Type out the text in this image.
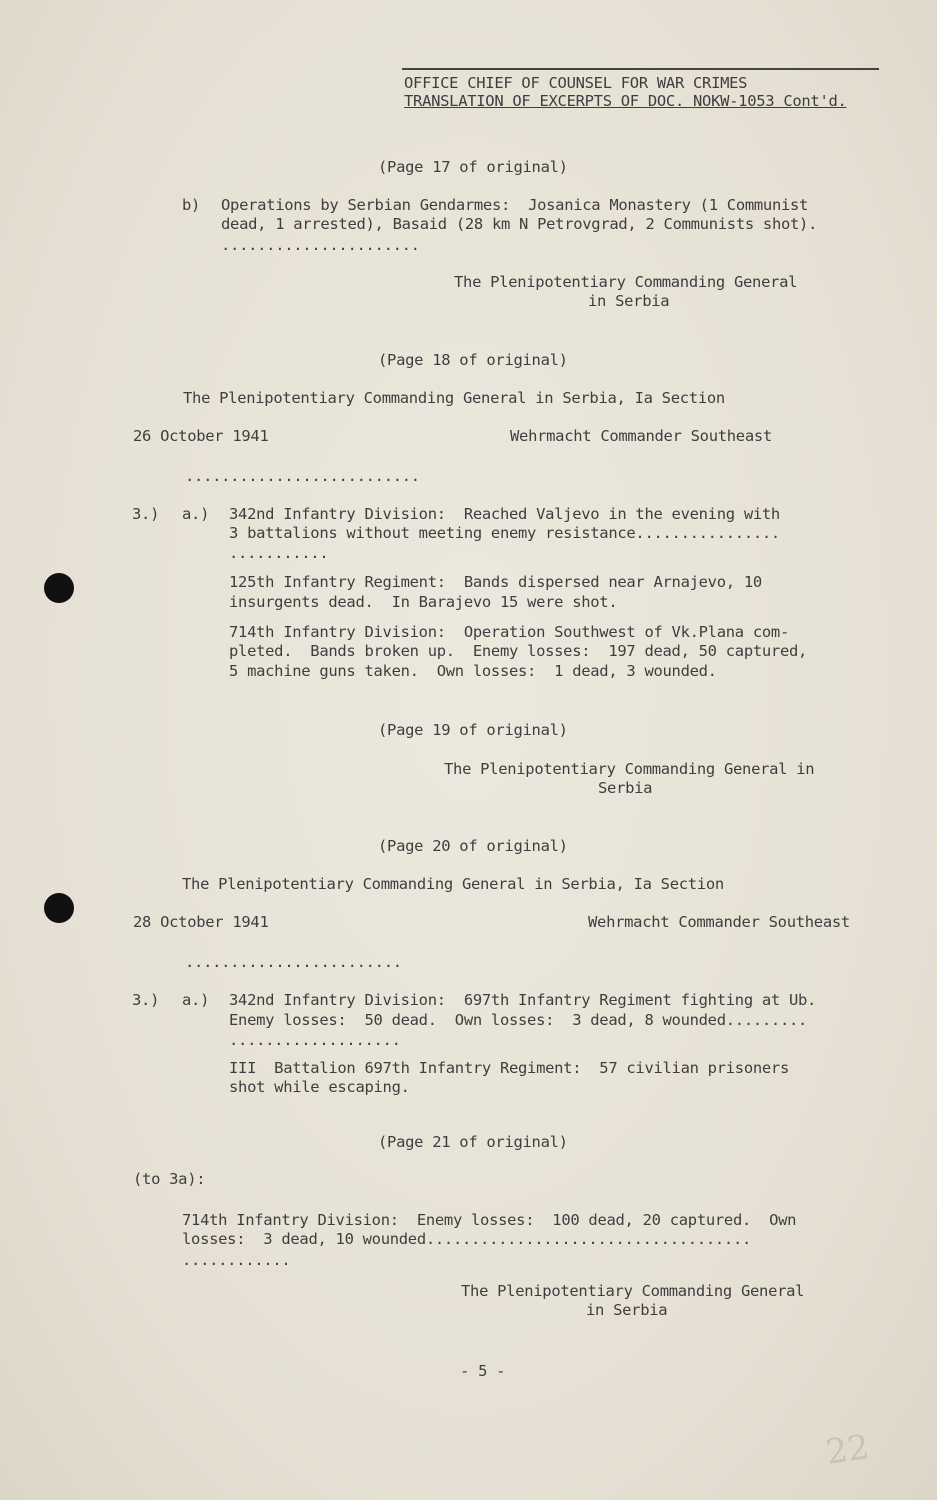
OFFICE CHIEF OF COUNSEL FOR WAR CRIMES
TRANSLATION OF EXCERPTS OF DOC. NOKW-1053 Cont'd.
(Page 17 of original)
b) Operations by Serbian Gendarmes:  Josanica Monastery (1 Communist
dead, 1 arrested), Basaid (28 km N Petrovgrad, 2 Communists shot).
......................
The Plenipotentiary Commanding General
in Serbia
(Page 18 of original)
The Plenipotentiary Commanding General in Serbia, Ia Section
26 October 1941	Wehrmacht Commander Southeast
..........................
3.) a.) 342nd Infantry Division:  Reached Valjevo in the evening with
3 battalions without meeting enemy resistance................
...........
125th Infantry Regiment:  Bands dispersed near Arnajevo, 10
insurgents dead.  In Barajevo 15 were shot.
714th Infantry Division:  Operation Southwest of Vk.Plana com-
pleted.  Bands broken up.  Enemy losses:  197 dead, 50 captured,
5 machine guns taken.  Own losses:  1 dead, 3 wounded.
(Page 19 of original)
The Plenipotentiary Commanding General in
Serbia
(Page 20 of original)
The Plenipotentiary Commanding General in Serbia, Ia Section
28 October 1941	Wehrmacht Commander Southeast
........................
3.) a.) 342nd Infantry Division:  697th Infantry Regiment fighting at Ub.
Enemy losses:  50 dead.  Own losses:  3 dead, 8 wounded.........
...................
III  Battalion 697th Infantry Regiment:  57 civilian prisoners
shot while escaping.
(Page 21 of original)
(to 3a):
714th Infantry Division:  Enemy losses:  100 dead, 20 captured.  Own
losses:  3 dead, 10 wounded....................................
............
The Plenipotentiary Commanding General
in Serbia
- 5 -
22
